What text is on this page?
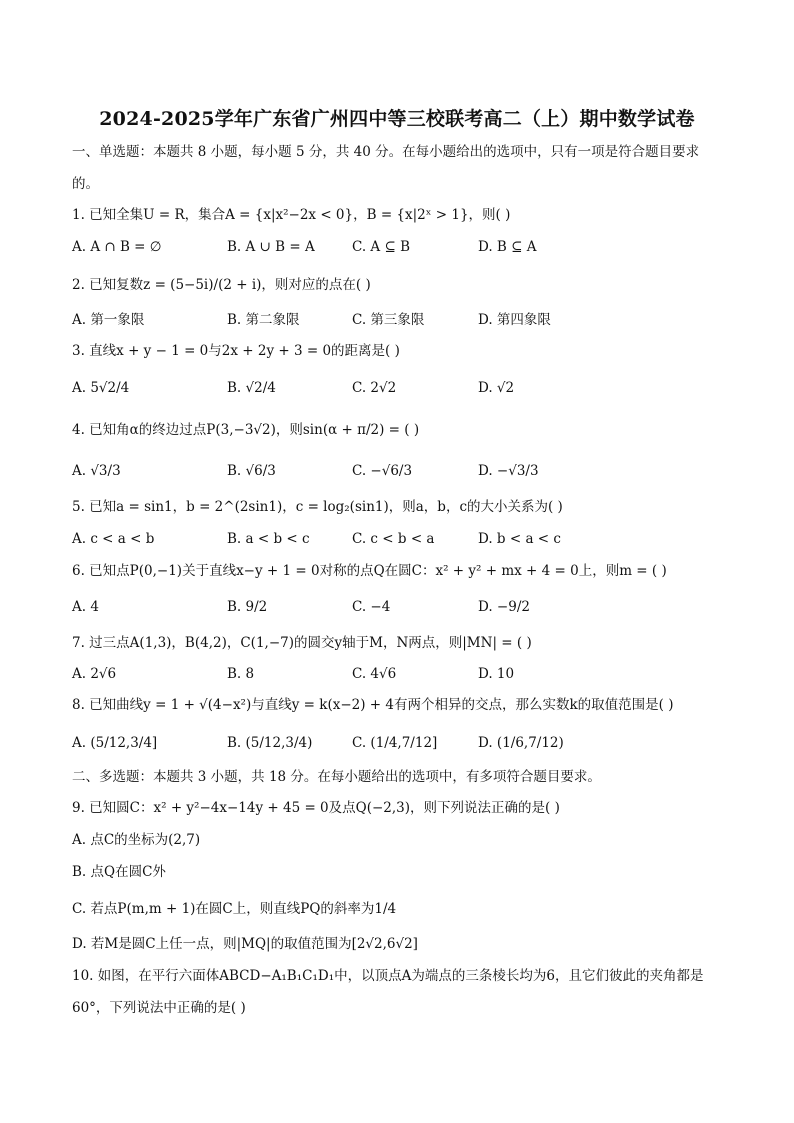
2024-2025学年广东省广州四中等三校联考高二（上）期中数学试卷
一、单选题：本题共 8 小题，每小题 5 分，共 40 分。在每小题给出的选项中，只有一项是符合题目要求
的。
1. 已知全集U = R，集合A = {x|x²−2x < 0}，B = {x|2ˣ > 1}，则( )
A. A ∩ B = ∅	B. A ∪ B = A	C. A ⊆ B	D. B ⊆ A
2. 已知复数z = (5−5i)/(2 + i)，则对应的点在( )
A. 第一象限	B. 第二象限	C. 第三象限	D. 第四象限
3. 直线x + y − 1 = 0与2x + 2y + 3 = 0的距离是( )
A. 5√2/4	B. √2/4	C. 2√2	D. √2
4. 已知角α的终边过点P(3,−3√2)，则sin(α + π/2) = ( )
A. √3/3	B. √6/3	C. −√6/3	D. −√3/3
5. 已知a = sin1，b = 2^(2sin1)，c = log₂(sin1)，则a，b，c的大小关系为( )
A. c < a < b	B. a < b < c	C. c < b < a	D. b < a < c
6. 已知点P(0,−1)关于直线x−y + 1 = 0对称的点Q在圆C：x² + y² + mx + 4 = 0上，则m = ( )
A. 4	B. 9/2	C. −4	D. −9/2
7. 过三点A(1,3)，B(4,2)，C(1,−7)的圆交y轴于M，N两点，则|MN| = ( )
A. 2√6	B. 8	C. 4√6	D. 10
8. 已知曲线y = 1 + √(4−x²)与直线y = k(x−2) + 4有两个相异的交点，那么实数k的取值范围是( )
A. (5/12,3/4]	B. (5/12,3/4)	C. (1/4,7/12]	D. (1/6,7/12)
二、多选题：本题共 3 小题，共 18 分。在每小题给出的选项中，有多项符合题目要求。
9. 已知圆C：x² + y²−4x−14y + 45 = 0及点Q(−2,3)，则下列说法正确的是( )
A. 点C的坐标为(2,7)
B. 点Q在圆C外
C. 若点P(m,m + 1)在圆C上，则直线PQ的斜率为1/4
D. 若M是圆C上任一点，则|MQ|的取值范围为[2√2,6√2]
10. 如图，在平行六面体ABCD−A₁B₁C₁D₁中，以顶点A为端点的三条棱长均为6，且它们彼此的夹角都是
60°，下列说法中正确的是( )
